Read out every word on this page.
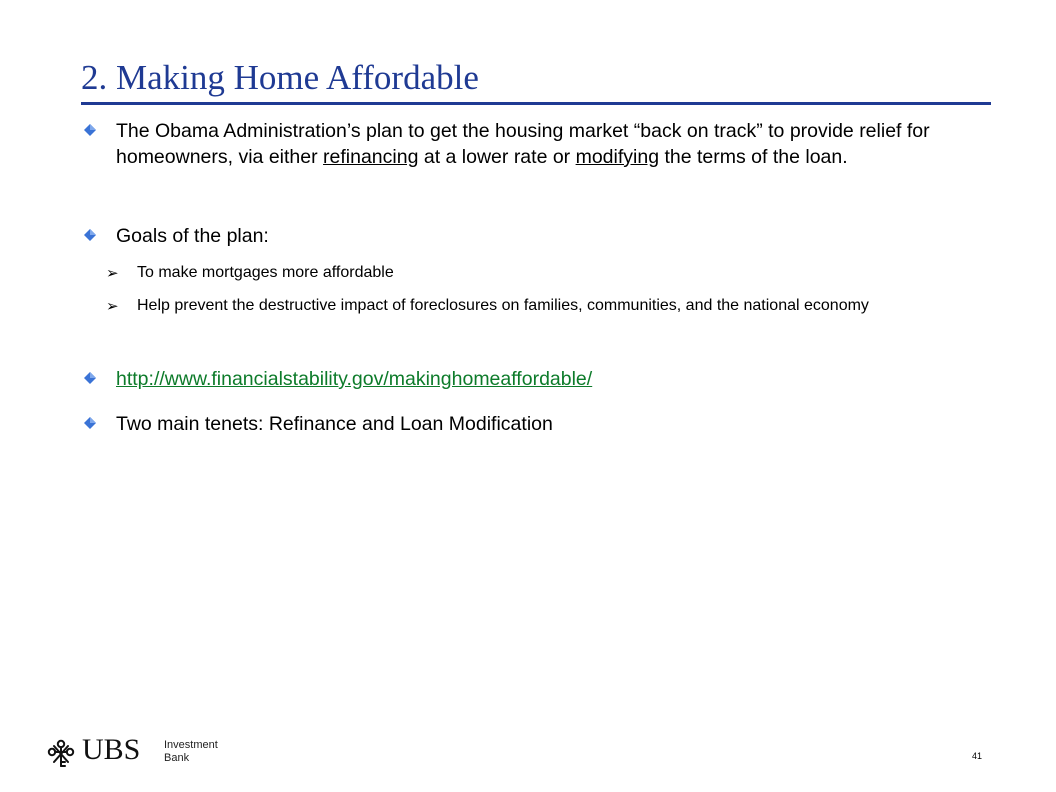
2. Making Home Affordable
The Obama Administration’s plan to get the housing market “back on track” to provide relief for homeowners, via either refinancing at a lower rate or modifying the terms of the loan.
Goals of the plan:
➢ To make mortgages more affordable
➢ Help prevent the destructive impact of foreclosures on families, communities, and the national economy
http://www.financialstability.gov/makinghomeaffordable/
Two main tenets: Refinance and Loan Modification
UBS Investment
Bank	41
